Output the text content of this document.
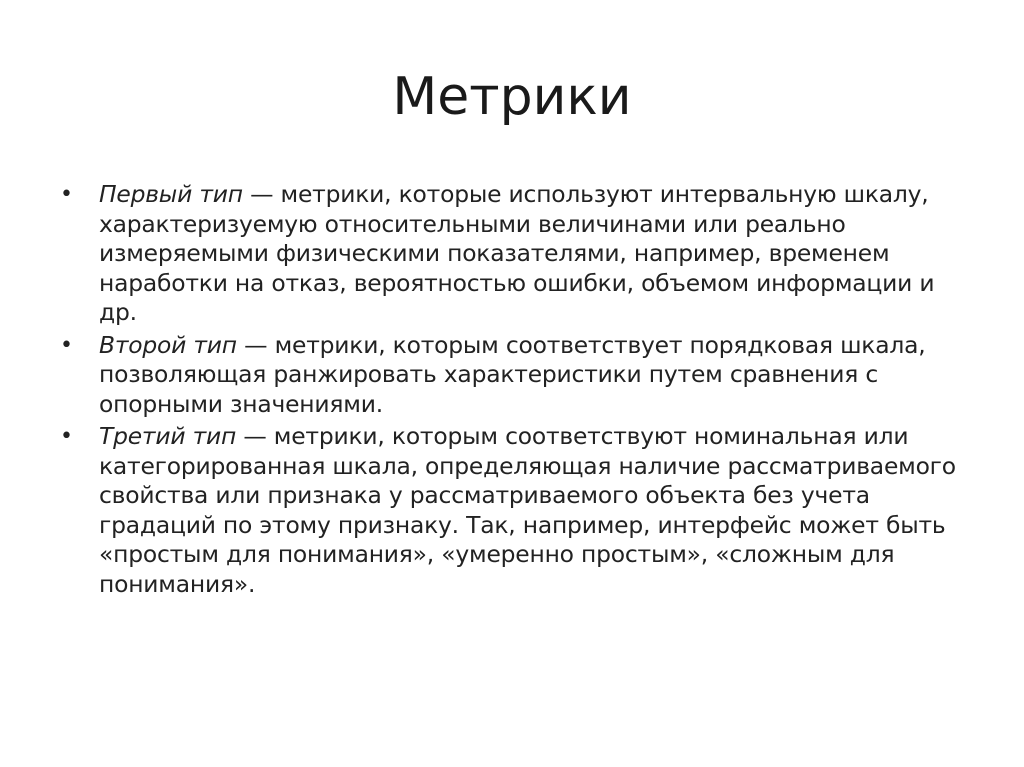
Метрики
•	Первый тип — метрики, которые используют интервальную шкалу, характеризуемую относительными величинами или реально измеряемыми физическими показателями, например, временем наработки на отказ, вероятностью ошибки, объемом информации и др.
•	Второй тип — метрики, которым соответствует порядковая шкала, позволяющая ранжировать характеристики путем сравнения с опорными значениями.
•	Третий тип — метрики, которым соответствуют номинальная или категорированная шкала, определяющая наличие рассматриваемого свойства или признака у рассматриваемого объекта без учета градаций по этому признаку. Так, например, интерфейс может быть «простым для понимания», «умеренно простым», «сложным для понимания».
